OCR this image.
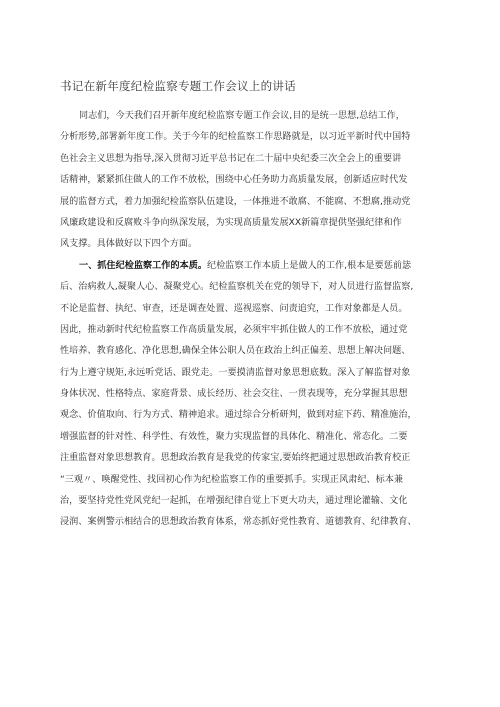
书记在新年度纪检监察专题工作会议上的讲话
同志们，今天我们召开新年度纪检监察专题工作会议,目的是统一思想,总结工作，
分析形势,部署新年度工作。关于今年的纪检监察工作思路就是，以习近平新时代中国特
色社会主义思想为指导,深入贯彻习近平总书记在二十届中央纪委三次全会上的重要讲
话精神，紧紧抓住做人的工作不放松，围绕中心任务助力高质量发展，创新适应时代发
展的监督方式，着力加强纪检监察队伍建设，一体推进不敢腐、不能腐、不想腐,推动党
风廉政建设和反腐败斗争向纵深发展，为实现高质量发展XX新篇章提供坚强纪律和作
风支撑。具体做好以下四个方面。
一、抓住纪检监察工作的本质。纪检监察工作本质上是做人的工作,根本是要惩前毖
后、治病救人,凝聚人心、凝聚党心。纪检监察机关在党的领导下，对人员进行监督监察,
不论是监督、执纪、审查，还是调查处置、巡视巡察、问责追究，工作对象都是人员。
因此，推动新时代纪检监察工作高质量发展，必须牢牢抓住做人的工作不放松，通过党
性培养、教育感化、净化思想,确保全体公职人员在政治上纠正偏差、思想上解决问题、
行为上遵守规矩,永远听党话、跟党走。一要摸清监督对象思想底数。深入了解监督对象
身体状况、性格特点、家庭背景、成长经历、社会交往、一贯表现等，充分掌握其思想
观念、价值取向、行为方式、精神追求。通过综合分析研判，做到对症下药、精准施治，
增强监督的针对性、科学性、有效性，聚力实现监督的具体化、精准化、常态化。二要
注重监督对象思想教育。思想政治教育是我党的传家宝,要始终把通过思想政治教育校正
“三观〃、唤醒党性、找回初心作为纪检监察工作的重要抓手。实现正风肃纪、标本兼
治，要坚持党性党风党纪一起抓，在增强纪律自觉上下更大功夫，通过理论灌输、文化
浸润、案例警示相结合的思想政治教育体系，常态抓好党性教育、道德教育、纪律教育、
